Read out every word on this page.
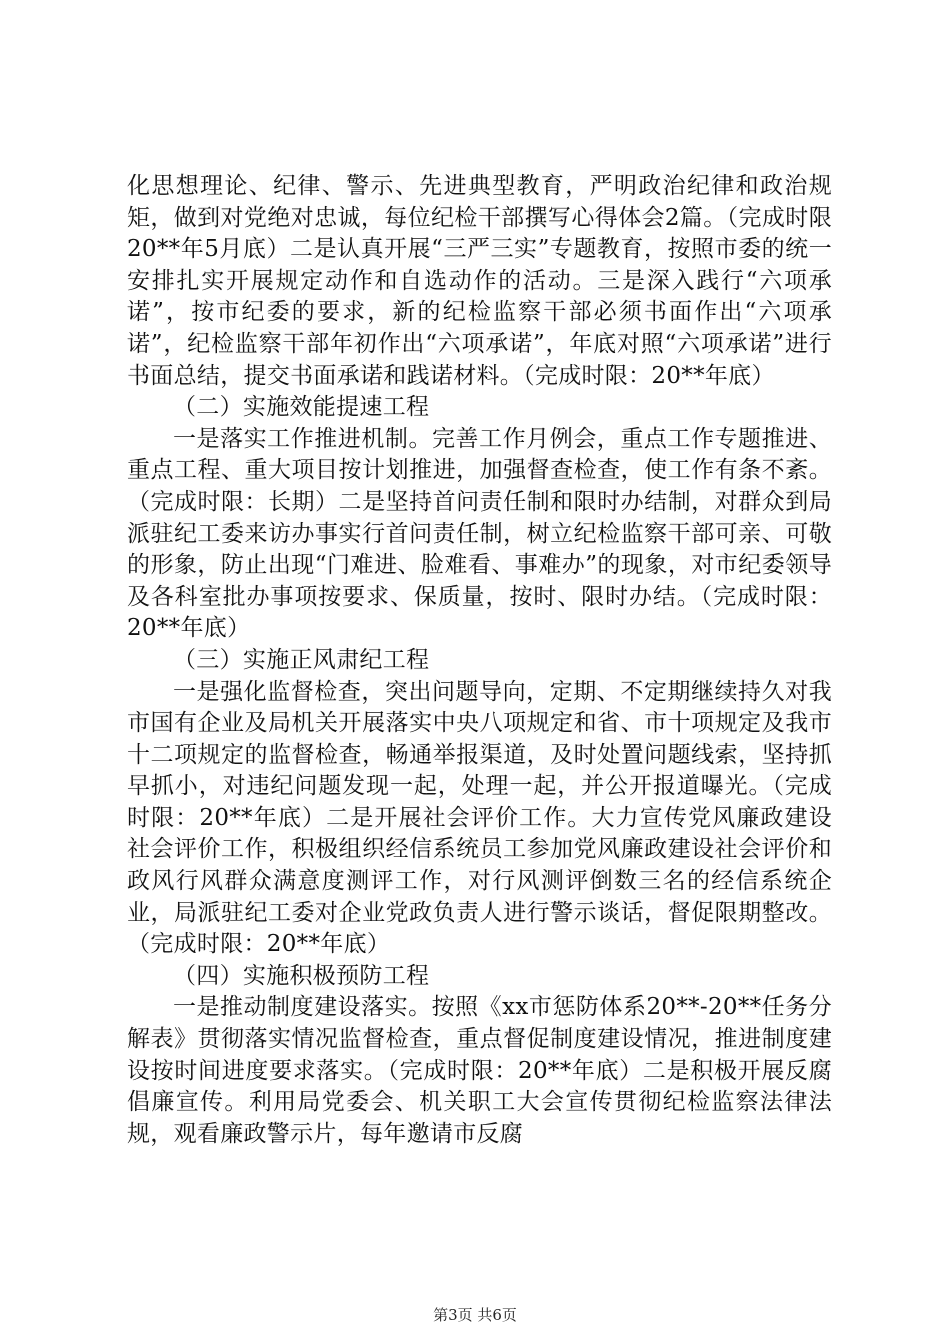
化思想理论、纪律、警示、先进典型教育，严明政治纪律和政治规矩，做到对党绝对忠诚，每位纪检干部撰写心得体会2篇。（完成时限20**年5月底）二是认真开展“三严三实”专题教育，按照市委的统一安排扎实开展规定动作和自选动作的活动。三是深入践行“六项承诺”，按市纪委的要求，新的纪检监察干部必须书面作出“六项承诺”，纪检监察干部年初作出“六项承诺”，年底对照“六项承诺”进行书面总结，提交书面承诺和践诺材料。（完成时限：20**年底）

（二）实施效能提速工程

一是落实工作推进机制。完善工作月例会，重点工作专题推进、重点工程、重大项目按计划推进，加强督查检查，使工作有条不紊。（完成时限：长期）二是坚持首问责任制和限时办结制，对群众到局派驻纪工委来访办事实行首问责任制，树立纪检监察干部可亲、可敬的形象，防止出现“门难进、脸难看、事难办”的现象，对市纪委领导及各科室批办事项按要求、保质量，按时、限时办结。（完成时限：20**年底）

（三）实施正风肃纪工程

一是强化监督检查，突出问题导向，定期、不定期继续持久对我市国有企业及局机关开展落实中央八项规定和省、市十项规定及我市十二项规定的监督检查，畅通举报渠道，及时处置问题线索，坚持抓早抓小，对违纪问题发现一起，处理一起，并公开报道曝光。（完成时限：20**年底）二是开展社会评价工作。大力宣传党风廉政建设社会评价工作，积极组织经信系统员工参加党风廉政建设社会评价和政风行风群众满意度测评工作，对行风测评倒数三名的经信系统企业，局派驻纪工委对企业党政负责人进行警示谈话，督促限期整改。（完成时限：20**年底）

（四）实施积极预防工程

一是推动制度建设落实。按照《xx市惩防体系20**-20**任务分解表》贯彻落实情况监督检查，重点督促制度建设情况，推进制度建设按时间进度要求落实。（完成时限：20**年底）二是积极开展反腐倡廉宣传。利用局党委会、机关职工大会宣传贯彻纪检监察法律法规，观看廉政警示片，每年邀请市反腐

第3页 共6页
